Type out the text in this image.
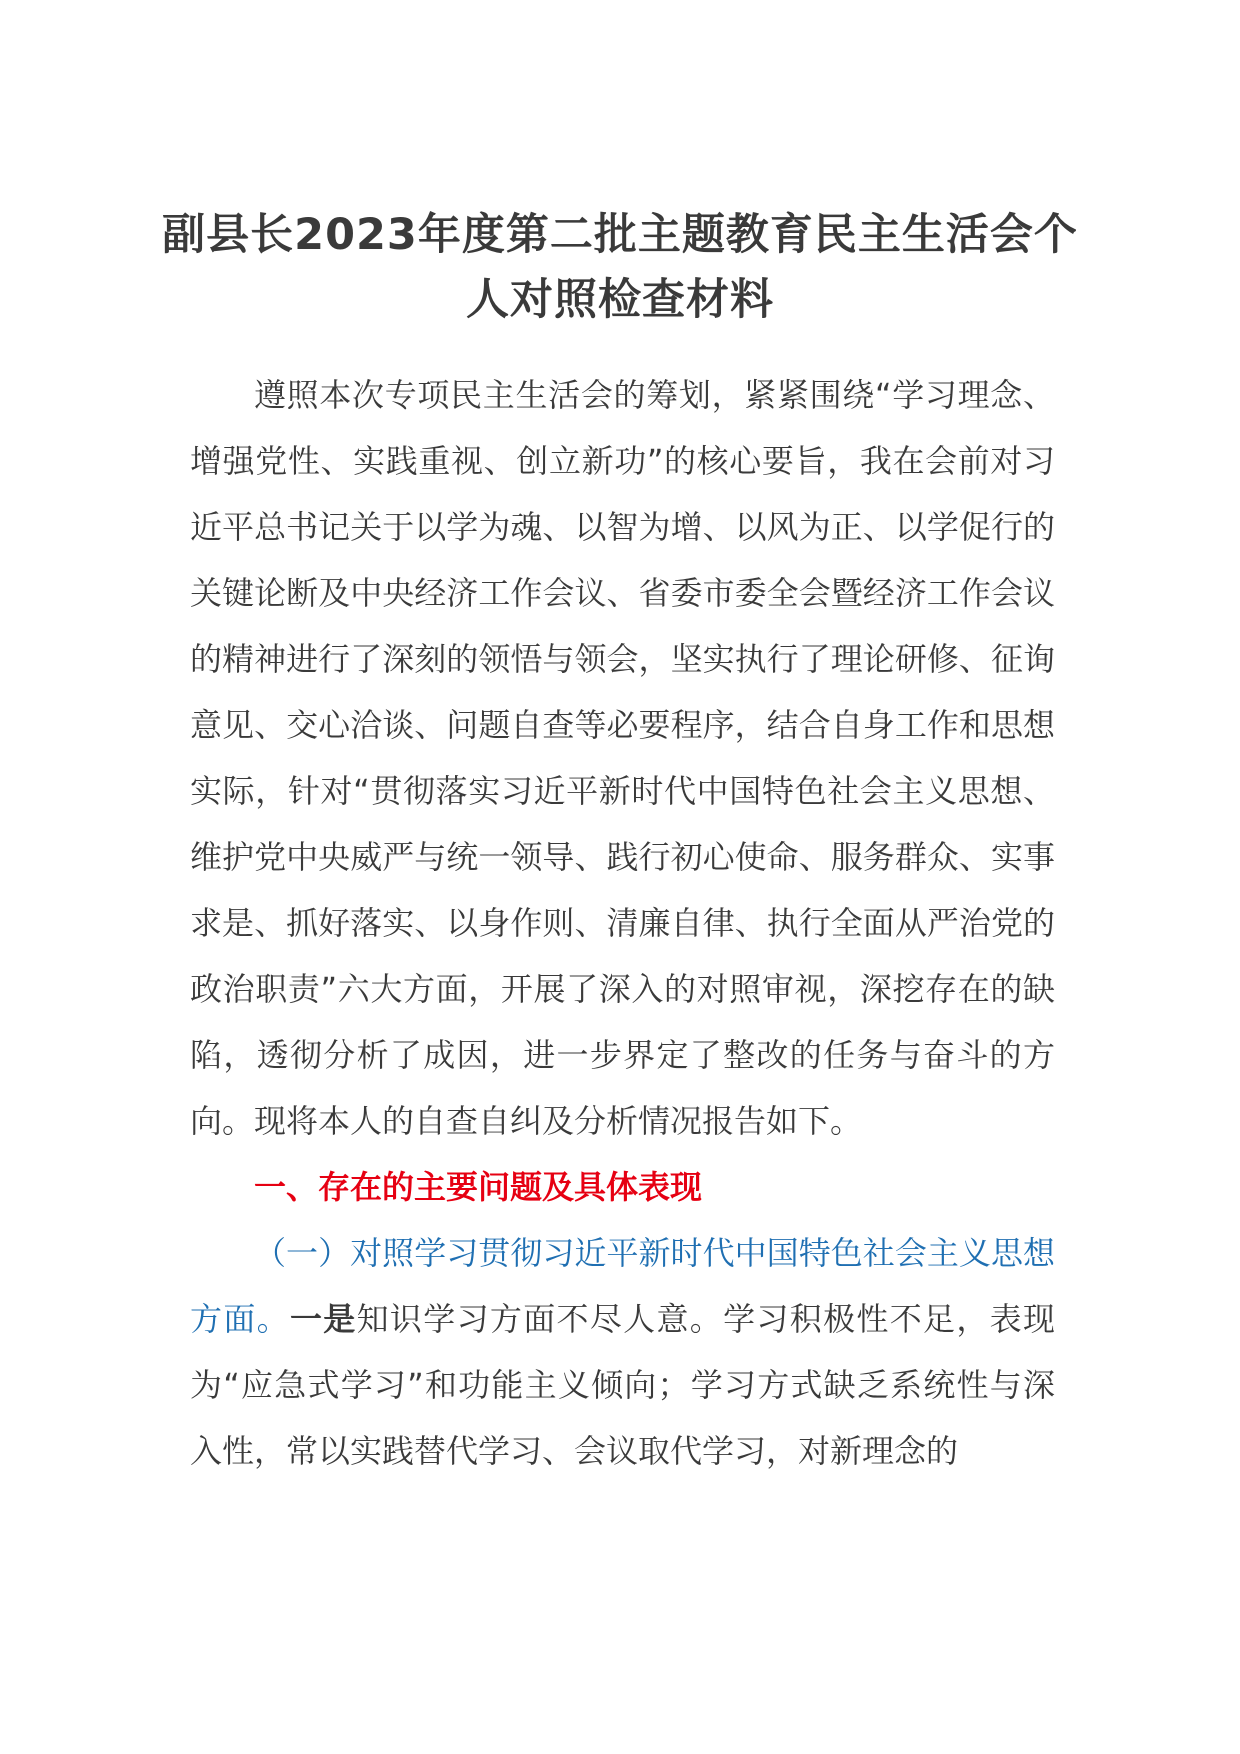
副县长2023年度第二批主题教育民主生活会个人对照检查材料

遵照本次专项民主生活会的筹划，紧紧围绕“学习理念、增强党性、实践重视、创立新功”的核心要旨，我在会前对习近平总书记关于以学为魂、以智为增、以风为正、以学促行的关键论断及中央经济工作会议、省委市委全会暨经济工作会议的精神进行了深刻的领悟与领会，坚实执行了理论研修、征询意见、交心洽谈、问题自查等必要程序，结合自身工作和思想实际，针对“贯彻落实习近平新时代中国特色社会主义思想、维护党中央威严与统一领导、践行初心使命、服务群众、实事求是、抓好落实、以身作则、清廉自律、执行全面从严治党的政治职责”六大方面，开展了深入的对照审视，深挖存在的缺陷，透彻分析了成因，进一步界定了整改的任务与奋斗的方向。现将本人的自查自纠及分析情况报告如下。

一、存在的主要问题及具体表现

（一）对照学习贯彻习近平新时代中国特色社会主义思想方面。一是知识学习方面不尽人意。学习积极性不足，表现为“应急式学习”和功能主义倾向；学习方式缺乏系统性与深入性，常以实践替代学习、会议取代学习，对新理念的
